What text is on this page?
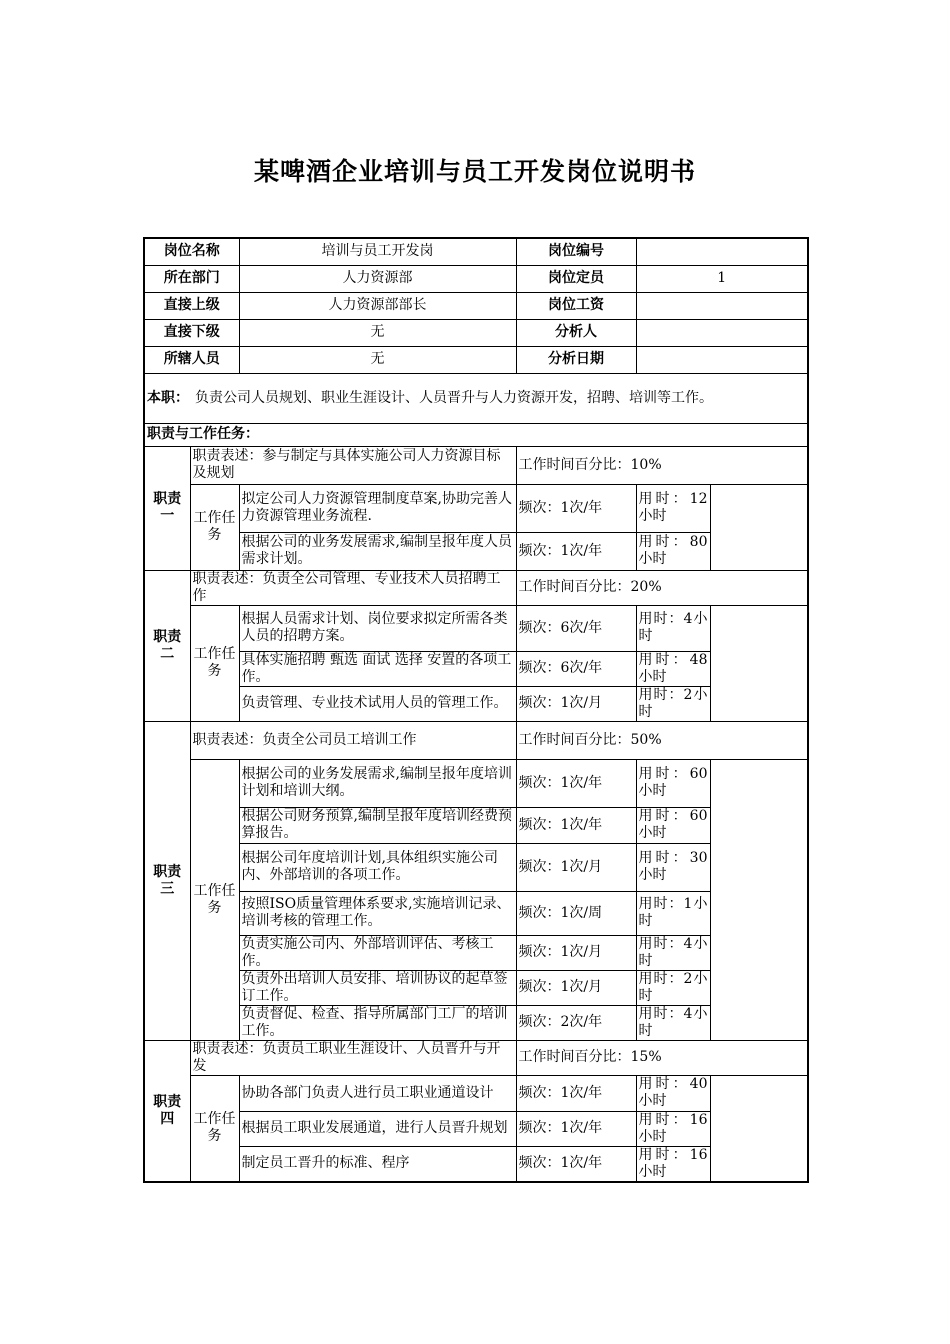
某啤酒企业培训与员工开发岗位说明书
岗位名称		培训与员工开发岗	岗位编号	
所在部门		人力资源部	岗位定员	1
直接上级		人力资源部部长	岗位工资	
直接下级		无	分析人	
所辖人员		无	分析日期	
本职： 负责公司人员规划、职业生涯设计、人员晋升与人力资源开发，招聘、培训等工作。				
职责与工作任务：				
职责一	职责表述：参与制定与具体实施公司人力资源目标及规划		工作时间百分比：10%	
	工作任务	拟定公司人力资源管理制度草案,协助完善人力资源管理业务流程.	频次：1次/年	用时：12小时
		根据公司的业务发展需求,编制呈报年度人员需求计划。	频次：1次/年	用时：80小时
职责二	职责表述：负责全公司管理、专业技术人员招聘工作		工作时间百分比：20%	
	工作任务	根据人员需求计划、岗位要求拟定所需各类人员的招聘方案。	频次：6次/年	用时：4小时
		具体实施招聘 甄选 面试 选择 安置的各项工作。	频次：6次/年	用时：48小时
		负责管理、专业技术试用人员的管理工作。	频次：1次/月	用时：2小时
职责三	职责表述：负责全公司员工培训工作		工作时间百分比：50%	
	工作任务	根据公司的业务发展需求,编制呈报年度培训计划和培训大纲。	频次：1次/年	用时：60小时
		根据公司财务预算,编制呈报年度培训经费预算报告。	频次：1次/年	用时：60小时
		根据公司年度培训计划,具体组织实施公司内、外部培训的各项工作。	频次：1次/月	用时：30小时
		按照ISO质量管理体系要求,实施培训记录、培训考核的管理工作。	频次：1次/周	用时：1小时
		负责实施公司内、外部培训评估、考核工作。	频次：1次/月	用时：4小时
		负责外出培训人员安排、培训协议的起草签订工作。	频次：1次/月	用时：2小时
		负责督促、检查、指导所属部门工厂的培训工作。	频次：2次/年	用时：4小时
职责四	职责表述：负责员工职业生涯设计、人员晋升与开发		工作时间百分比：15%	
	工作任务	协助各部门负责人进行员工职业通道设计	频次：1次/年	用时：40小时
		根据员工职业发展通道，进行人员晋升规划	频次：1次/年	用时：16小时
		制定员工晋升的标准、程序	频次：1次/年	用时：16小时
